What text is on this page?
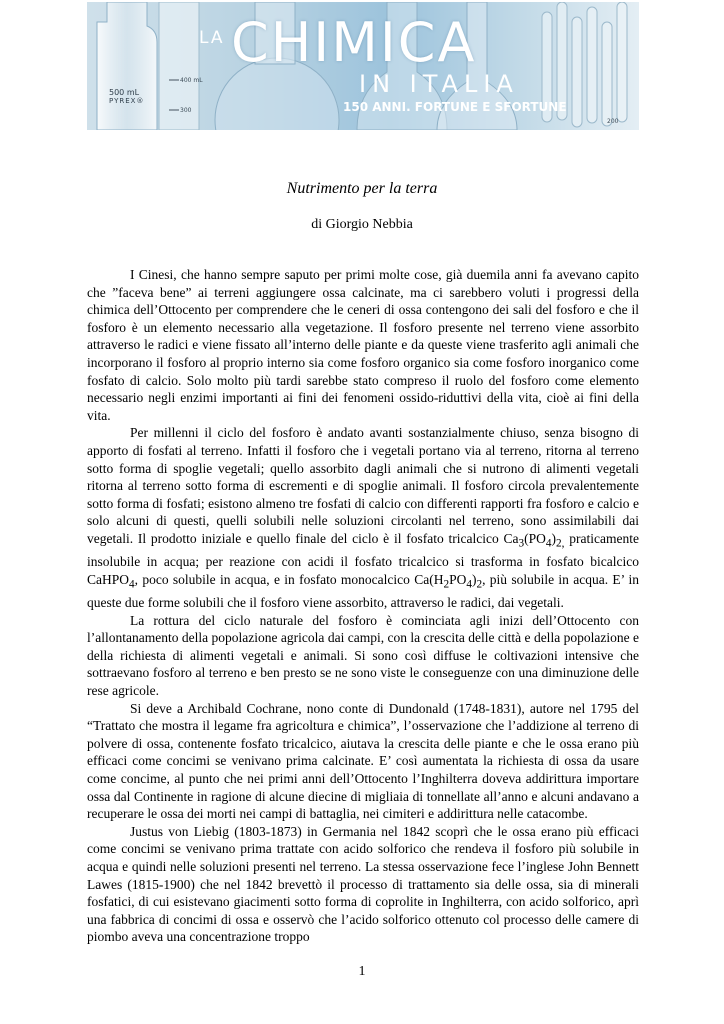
500 mL
PYREX®
400 mL
300
200
LA CHIMICA
IN ITALIA
150 ANNI. FORTUNE E SFORTUNE
Nutrimento per la terra
di Giorgio Nebbia

I Cinesi, che hanno sempre saputo per primi molte cose, già duemila anni fa avevano capito che ”faceva bene” ai terreni aggiungere ossa calcinate, ma ci sarebbero voluti i progressi della chimica dell’Ottocento per comprendere che le ceneri di ossa contengono dei sali del fosforo e che il fosforo è un elemento necessario alla vegetazione. Il fosforo presente nel terreno viene assorbito attraverso le radici e viene fissato all’interno delle piante e da queste viene trasferito agli animali che incorporano il fosforo al proprio interno sia come fosforo organico sia come fosforo inorganico come fosfato di calcio. Solo molto più tardi sarebbe stato compreso il ruolo del fosforo come elemento necessario negli enzimi importanti ai fini dei fenomeni ossido-riduttivi della vita, cioè ai fini della vita.

Per millenni il ciclo del fosforo è andato avanti sostanzialmente chiuso, senza bisogno di apporto di fosfati al terreno. Infatti il fosforo che i vegetali portano via al terreno, ritorna al terreno sotto forma di spoglie vegetali; quello assorbito dagli animali che si nutrono di alimenti vegetali ritorna al terreno sotto forma di escrementi e di spoglie animali. Il fosforo circola prevalentemente sotto forma di fosfati; esistono almeno tre fosfati di calcio con differenti rapporti fra fosforo e calcio e solo alcuni di questi, quelli solubili nelle soluzioni circolanti nel terreno, sono assimilabili dai vegetali. Il prodotto iniziale e quello finale del ciclo è il fosfato tricalcico $Ca_3(PO_4)_{2,}$ praticamente insolubile in acqua; per reazione con acidi il fosfato tricalcico si trasforma in fosfato bicalcico CaHPO$_4$, poco solubile in acqua, e in fosfato monocalcico $Ca(H_2PO_4)_2$, più solubile in acqua. E’ in queste due forme solubili che il fosforo viene assorbito, attraverso le radici, dai vegetali.

La rottura del ciclo naturale del fosforo è cominciata agli inizi dell’Ottocento con l’allontanamento della popolazione agricola dai campi, con la crescita delle città e della popolazione e della richiesta di alimenti vegetali e animali. Si sono così diffuse le coltivazioni intensive che sottraevano fosforo al terreno e ben presto se ne sono viste le conseguenze con una diminuzione delle rese agricole.

Si deve a Archibald Cochrane, nono conte di Dundonald (1748-1831), autore nel 1795 del “Trattato che mostra il legame fra agricoltura e chimica”, l’osservazione che l’addizione al terreno di polvere di ossa, contenente fosfato tricalcico, aiutava la crescita delle piante e che le ossa erano più efficaci come concimi se venivano prima calcinate. E’ così aumentata la richiesta di ossa da usare come concime, al punto che nei primi anni dell’Ottocento l’Inghilterra doveva addirittura importare ossa dal Continente in ragione di alcune diecine di migliaia di tonnellate all’anno e alcuni andavano a recuperare le ossa dei morti nei campi di battaglia, nei cimiteri e addirittura nelle catacombe.

Justus von Liebig (1803-1873) in Germania nel 1842 scoprì che le ossa erano più efficaci come concimi se venivano prima trattate con acido solforico che rendeva il fosforo più solubile in acqua e quindi nelle soluzioni presenti nel terreno. La stessa osservazione fece l’inglese John Bennett Lawes (1815-1900) che nel 1842 brevettò il processo di trattamento sia delle ossa, sia di minerali fosfatici, di cui esistevano giacimenti sotto forma di coprolite in Inghilterra, con acido solforico, aprì una fabbrica di concimi di ossa e osservò che l’acido solforico ottenuto col processo delle camere di piombo aveva una concentrazione troppo

1
